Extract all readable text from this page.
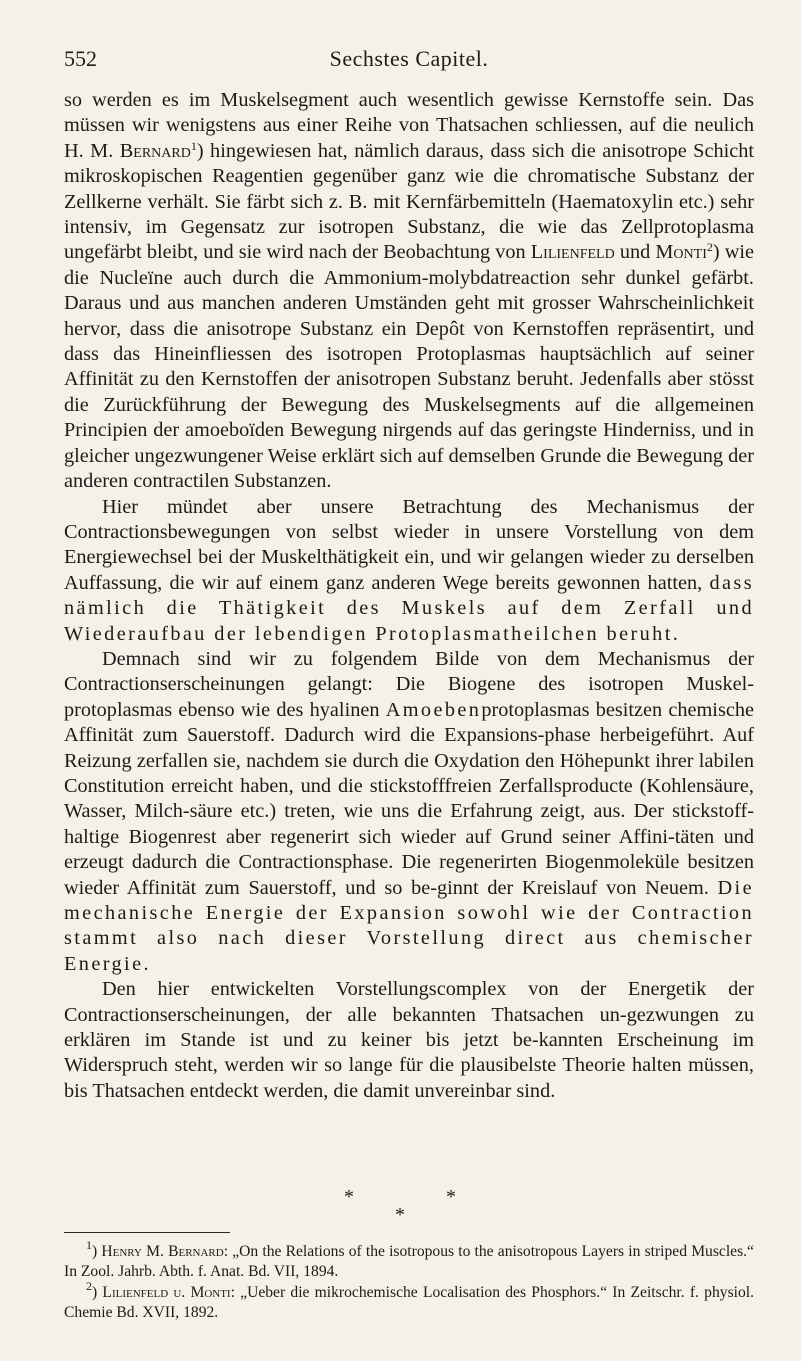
552	Sechstes Capitel.

so werden es im Muskelsegment auch wesentlich gewisse Kernstoffe sein. Das müssen wir wenigstens aus einer Reihe von Thatsachen schliessen, auf die neulich H. M. Bernard$^1$) hingewiesen hat, nämlich daraus, dass sich die anisotrope Schicht mikroskopischen Reagentien gegenüber ganz wie die chromatische Substanz der Zellkerne verhält. Sie färbt sich z. B. mit Kernfärbemitteln (Haematoxylin etc.) sehr intensiv, im Gegensatz zur isotropen Substanz, die wie das Zellprotoplasma ungefärbt bleibt, und sie wird nach der Beobachtung von Lilienfeld und Monti$^2$) wie die Nucleïne auch durch die Ammonium-molybdatreaction sehr dunkel gefärbt. Daraus und aus manchen anderen Umständen geht mit grosser Wahrscheinlichkeit hervor, dass die anisotrope Substanz ein Depôt von Kernstoffen repräsentirt, und dass das Hineinfliessen des isotropen Protoplasmas hauptsächlich auf seiner Affinität zu den Kernstoffen der anisotropen Substanz beruht. Jedenfalls aber stösst die Zurückführung der Bewegung des Muskelsegments auf die allgemeinen Principien der amoeboïden Bewegung nirgends auf das geringste Hinderniss, und in gleicher ungezwungener Weise erklärt sich auf demselben Grunde die Bewegung der anderen contractilen Substanzen.

Hier mündet aber unsere Betrachtung des Mechanismus der Contractionsbewegungen von selbst wieder in unsere Vorstellung von dem Energiewechsel bei der Muskelthätigkeit ein, und wir gelangen wieder zu derselben Auffassung, die wir auf einem ganz anderen Wege bereits gewonnen hatten, dass nämlich die Thätigkeit des Muskels auf dem Zerfall und Wiederaufbau der lebendigen Protoplasmatheilchen beruht.

Demnach sind wir zu folgendem Bilde von dem Mechanismus der Contractionserscheinungen gelangt: Die Biogene des isotropen Muskel-protoplasmas ebenso wie des hyalinen Amoebenprotoplasmas besitzen chemische Affinität zum Sauerstoff. Dadurch wird die Expansions-phase herbeigeführt. Auf Reizung zerfallen sie, nachdem sie durch die Oxydation den Höhepunkt ihrer labilen Constitution erreicht haben, und die stickstofffreien Zerfallsproducte (Kohlensäure, Wasser, Milch-säure etc.) treten, wie uns die Erfahrung zeigt, aus. Der stickstoff-haltige Biogenrest aber regenerirt sich wieder auf Grund seiner Affini-täten und erzeugt dadurch die Contractionsphase. Die regenerirten Biogenmoleküle besitzen wieder Affinität zum Sauerstoff, und so be-ginnt der Kreislauf von Neuem. Die mechanische Energie der Expansion sowohl wie der Contraction stammt also nach dieser Vorstellung direct aus chemischer Energie.

Den hier entwickelten Vorstellungscomplex von der Energetik der Contractionserscheinungen, der alle bekannten Thatsachen un-gezwungen zu erklären im Stande ist und zu keiner bis jetzt be-kannten Erscheinung im Widerspruch steht, werden wir so lange für die plausibelste Theorie halten müssen, bis Thatsachen entdeckt werden, die damit unvereinbar sind.

*	*
*

$^1$) Henry M. Bernard: „On the Relations of the isotropous to the anisotropous Layers in striped Muscles.“ In Zool. Jahrb. Abth. f. Anat. Bd. VII, 1894.

$^2$) Lilienfeld u. Monti: „Ueber die mikrochemische Localisation des Phosphors.“ In Zeitschr. f. physiol. Chemie Bd. XVII, 1892.
